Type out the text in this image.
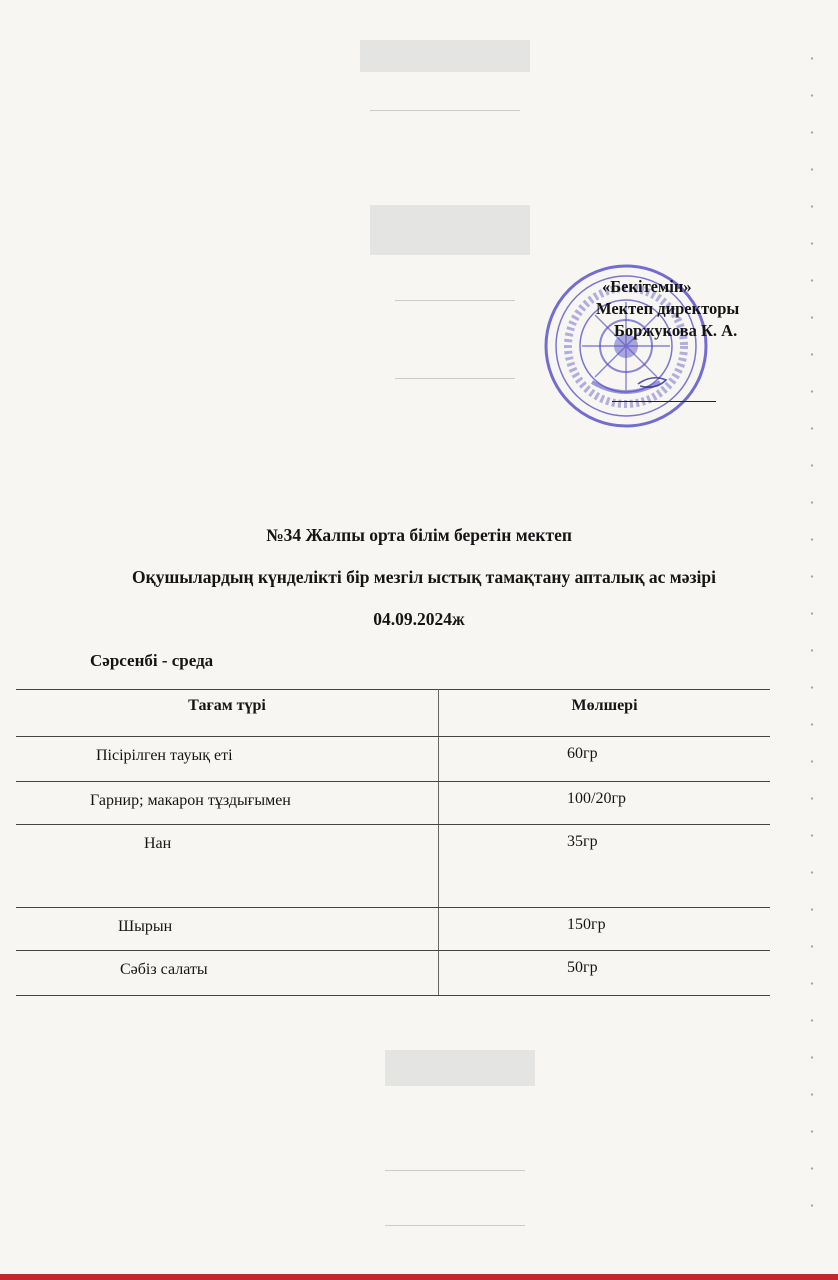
«Бекітемін»
Мектеп директоры
Боржукова К. А.
№34 Жалпы орта білім беретін мектеп
Оқушылардың күнделікті бір мезгіл ыстық тамақтану апталық ас мәзірі
04.09.2024ж
Сәрсенбі - среда
Тағам түрі	Мөлшері
Пісірілген тауық еті	60гр
Гарнир; макарон тұздығымен	100/20гр
Нан	35гр
Шырын	150гр
Сәбіз салаты	50гр
